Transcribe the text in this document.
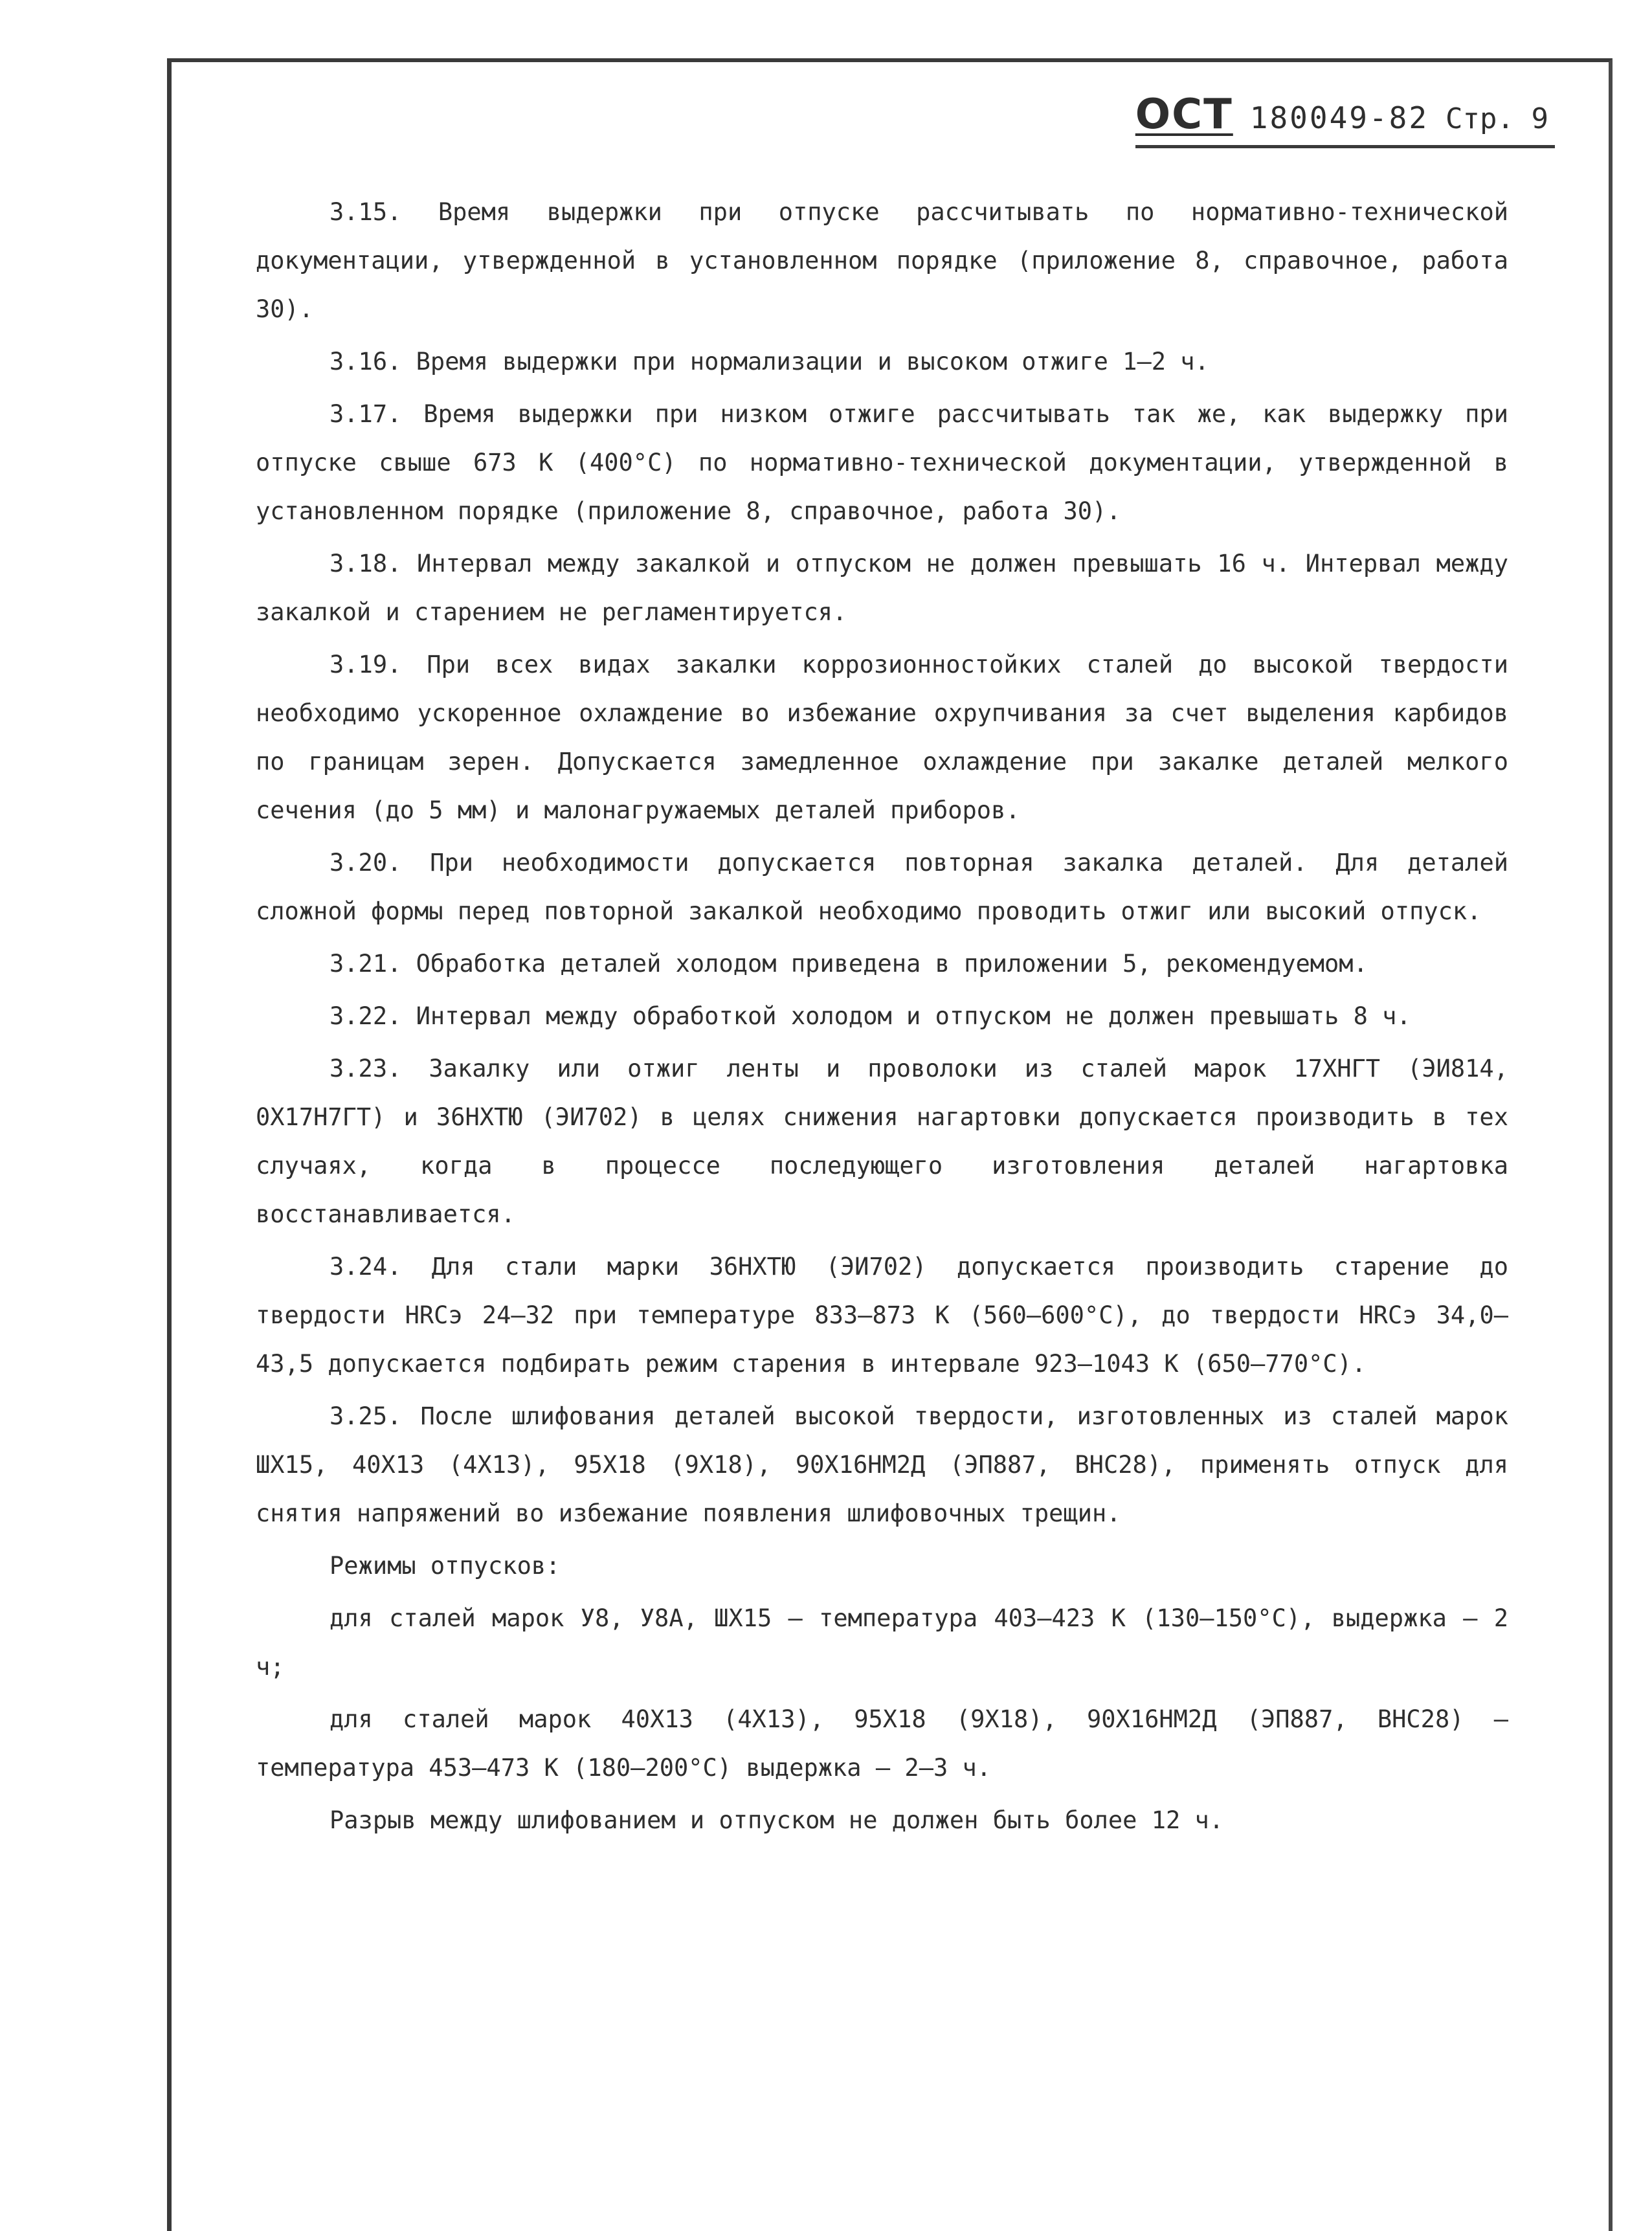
ОСТ 180049-82 Стр. 9

3.15. Время выдержки при отпуске рассчитывать по нормативно-технической документации, утвержденной в установленном порядке (приложение 8, справочное, работа 30).

3.16. Время выдержки при нормализации и высоком отжиге 1–2 ч.

3.17. Время выдержки при низком отжиге рассчитывать так же, как выдержку при отпуске свыше 673 К (400°С) по нормативно-технической документации, утвержденной в установленном порядке (приложение 8, справочное, работа 30).

3.18. Интервал между закалкой и отпуском не должен превышать 16 ч. Интервал между закалкой и старением не регламентируется.

3.19. При всех видах закалки коррозионностойких сталей до высокой твердости необходимо ускоренное охлаждение во избежание охрупчивания за счет выделения карбидов по границам зерен. Допускается замедленное охлаждение при закалке деталей мелкого сечения (до 5 мм) и малонагружаемых деталей приборов.

3.20. При необходимости допускается повторная закалка деталей. Для деталей сложной формы перед повторной закалкой необходимо проводить отжиг или высокий отпуск.

3.21. Обработка деталей холодом приведена в приложении 5, рекомендуемом.

3.22. Интервал между обработкой холодом и отпуском не должен превышать 8 ч.

3.23. Закалку или отжиг ленты и проволоки из сталей марок 17ХНГТ (ЭИ814, 0Х17Н7ГТ) и 36НХТЮ (ЭИ702) в целях снижения нагартовки допускается производить в тех случаях, когда в процессе последующего изготовления деталей нагартовка восстанавливается.

3.24. Для стали марки 36НХТЮ (ЭИ702) допускается производить старение до твердости HRCэ 24–32 при температуре 833–873 К (560–600°С), до твердости HRCэ 34,0–43,5 допускается подбирать режим старения в интервале 923–1043 К (650–770°С).

3.25. После шлифования деталей высокой твердости, изготовленных из сталей марок ШХ15, 40Х13 (4Х13), 95Х18 (9Х18), 90Х16НМ2Д (ЭП887, ВНС28), применять отпуск для снятия напряжений во избежание появления шлифовочных трещин.

Режимы отпусков:

для сталей марок У8, У8А, ШХ15 – температура 403–423 К (130–150°С), выдержка – 2 ч;

для сталей марок 40Х13 (4Х13), 95Х18 (9Х18), 90Х16НМ2Д (ЭП887, ВНС28) – температура 453–473 К (180–200°С) выдержка – 2–3 ч.

Разрыв между шлифованием и отпуском не должен быть более 12 ч.
